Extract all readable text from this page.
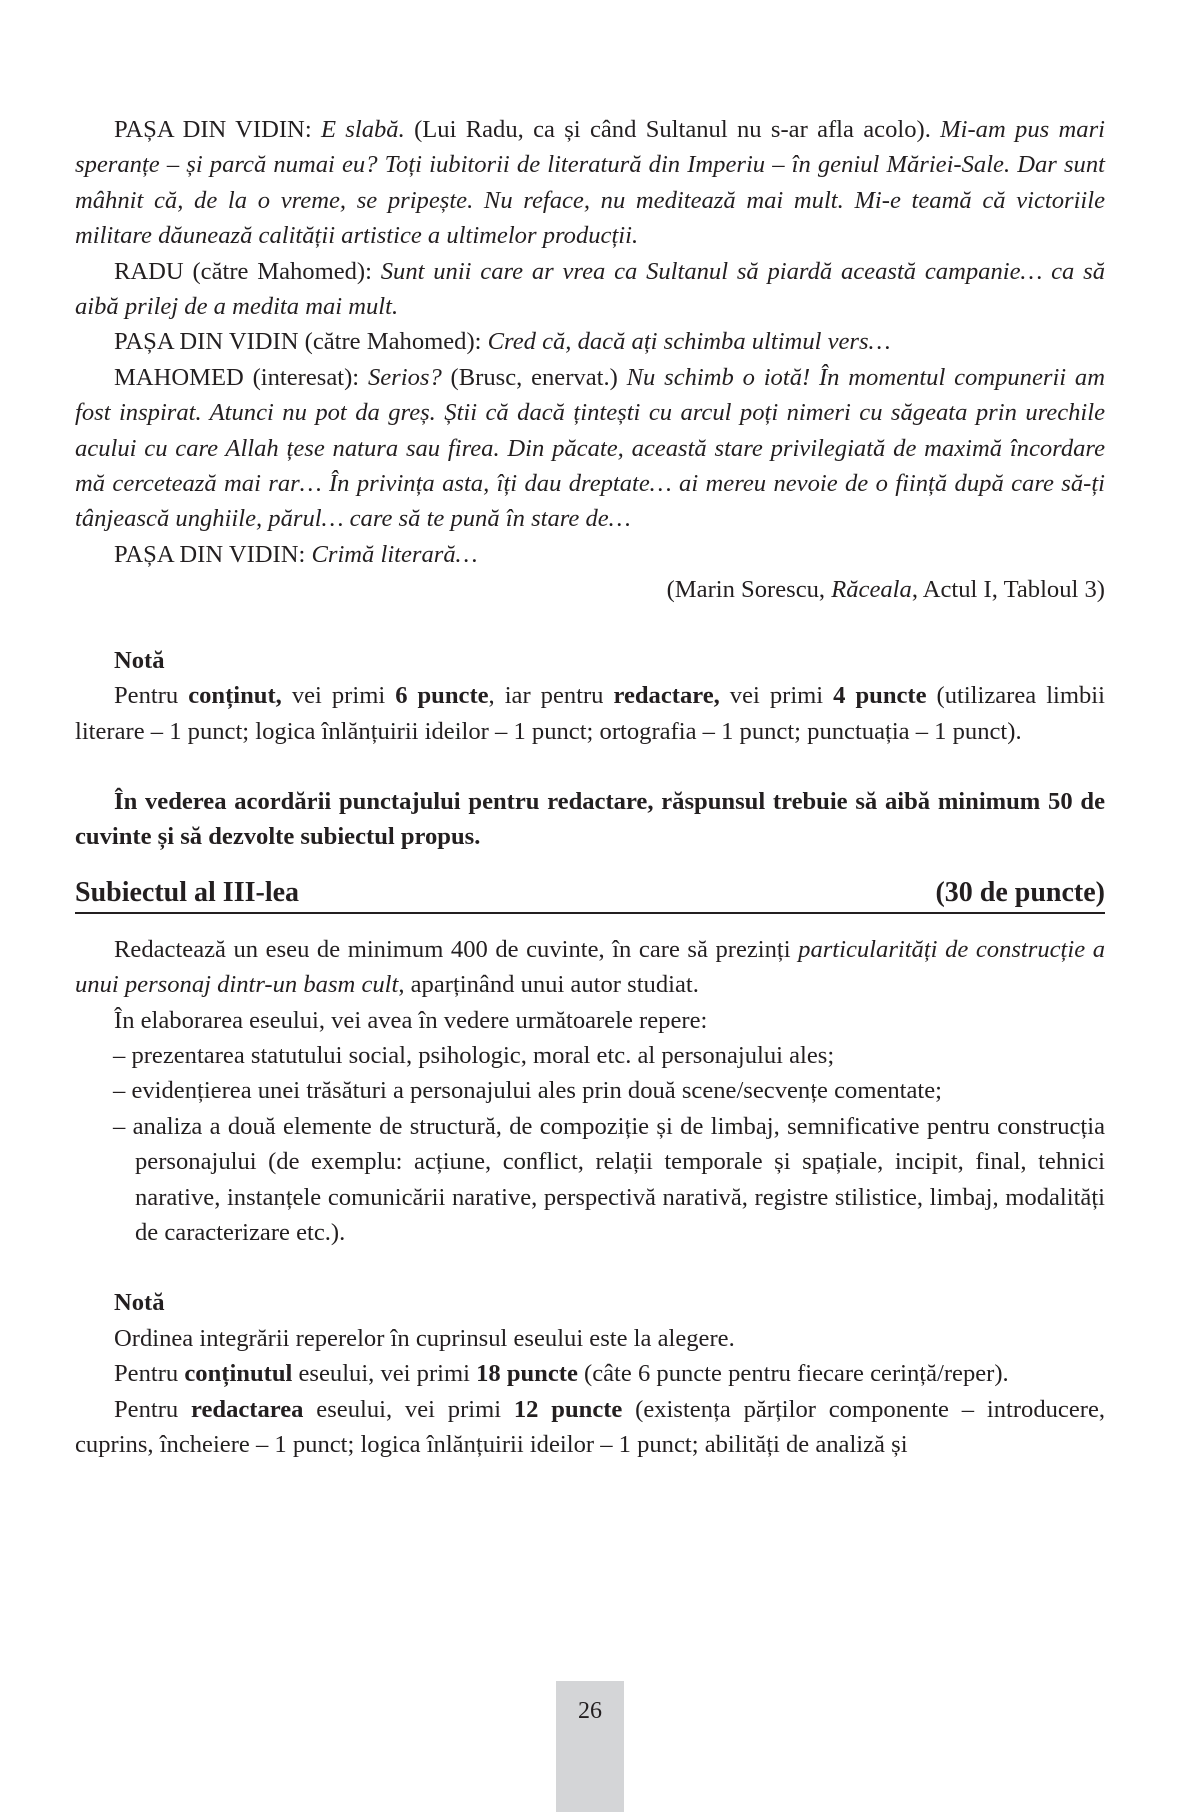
PAȘA DIN VIDIN: E slabă. (Lui Radu, ca și când Sultanul nu s-ar afla acolo). Mi-am pus mari speranțe – și parcă numai eu? Toți iubitorii de literatură din Imperiu – în geniul Măriei-Sale. Dar sunt mâhnit că, de la o vreme, se pripește. Nu reface, nu meditează mai mult. Mi-e teamă că victoriile militare dăunează calității artistice a ultimelor producții.

RADU (către Mahomed): Sunt unii care ar vrea ca Sultanul să piardă această campanie… ca să aibă prilej de a medita mai mult.

PAȘA DIN VIDIN (către Mahomed): Cred că, dacă ați schimba ultimul vers…

MAHOMED (interesat): Serios? (Brusc, enervat.) Nu schimb o iotă! În momentul compunerii am fost inspirat. Atunci nu pot da greș. Știi că dacă țintești cu arcul poți nimeri cu săgeata prin urechile acului cu care Allah țese natura sau firea. Din păcate, această stare privilegiată de maximă încordare mă cercetează mai rar… În privința asta, îți dau dreptate… ai mereu nevoie de o ființă după care să-ți tânjească unghiile, părul… care să te pună în stare de…

PAȘA DIN VIDIN: Crimă literară…

(Marin Sorescu, Răceala, Actul I, Tabloul 3)

Notă

Pentru conținut, vei primi 6 puncte, iar pentru redactare, vei primi 4 puncte (utilizarea limbii literare – 1 punct; logica înlănțuirii ideilor – 1 punct; ortografia – 1 punct; punctuația – 1 punct).

În vederea acordării punctajului pentru redactare, răspunsul trebuie să aibă minimum 50 de cuvinte și să dezvolte subiectul propus.

Subiectul al III-lea	(30 de puncte)

Redactează un eseu de minimum 400 de cuvinte, în care să prezinți particularități de construcție a unui personaj dintr-un basm cult, aparținând unui autor studiat.

În elaborarea eseului, vei avea în vedere următoarele repere:

– prezentarea statutului social, psihologic, moral etc. al personajului ales;
– evidențierea unei trăsături a personajului ales prin două scene/secvențe comentate;
– analiza a două elemente de structură, de compoziție și de limbaj, semnificative pentru construcția personajului (de exemplu: acțiune, conflict, relații temporale și spațiale, incipit, final, tehnici narative, instanțele comunicării narative, perspectivă narativă, registre stilistice, limbaj, modalități de caracterizare etc.).

Notă

Ordinea integrării reperelor în cuprinsul eseului este la alegere.

Pentru conținutul eseului, vei primi 18 puncte (câte 6 puncte pentru fiecare cerință/reper).

Pentru redactarea eseului, vei primi 12 puncte (existența părților componente – introducere, cuprins, încheiere – 1 punct; logica înlănțuirii ideilor – 1 punct; abilități de analiză și

26
